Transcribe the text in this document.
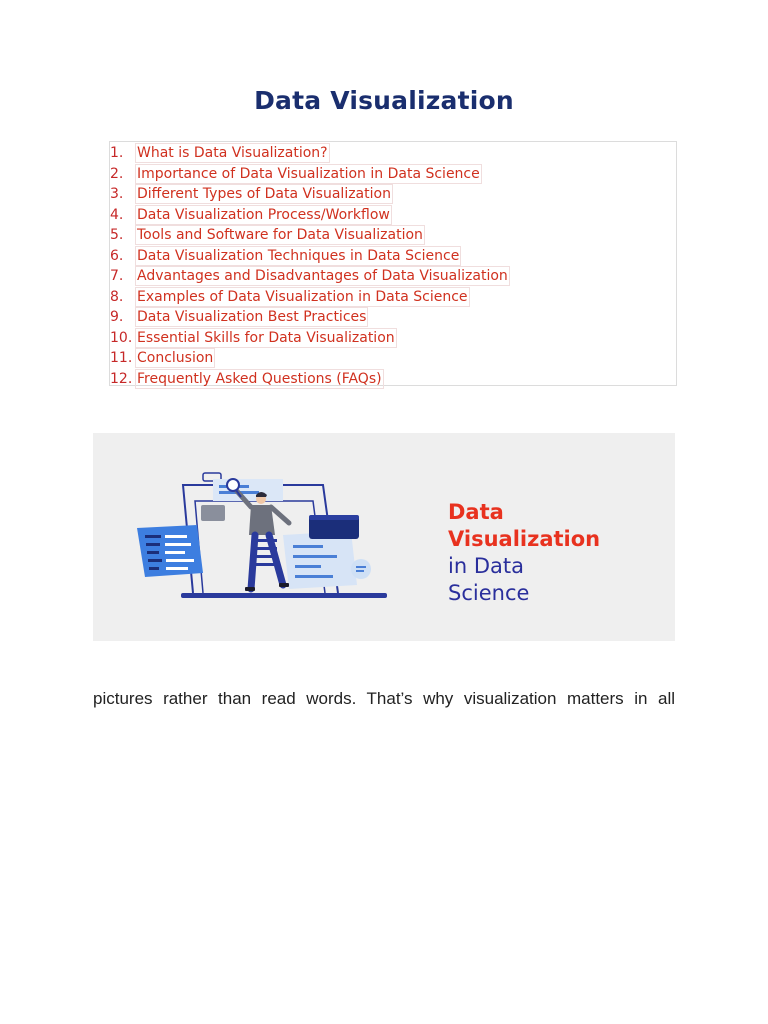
Data Visualization
1. What is Data Visualization?
2. Importance of Data Visualization in Data Science
3. Different Types of Data Visualization
4. Data Visualization Process/Workflow
5. Tools and Software for Data Visualization
6. Data Visualization Techniques in Data Science
7. Advantages and Disadvantages of Data Visualization
8. Examples of Data Visualization in Data Science
9. Data Visualization Best Practices
10. Essential Skills for Data Visualization
11. Conclusion
12. Frequently Asked Questions (FAQs)
Data
Visualization
in Data
Science
pictures rather than read words. That’s why visualization matters in all
